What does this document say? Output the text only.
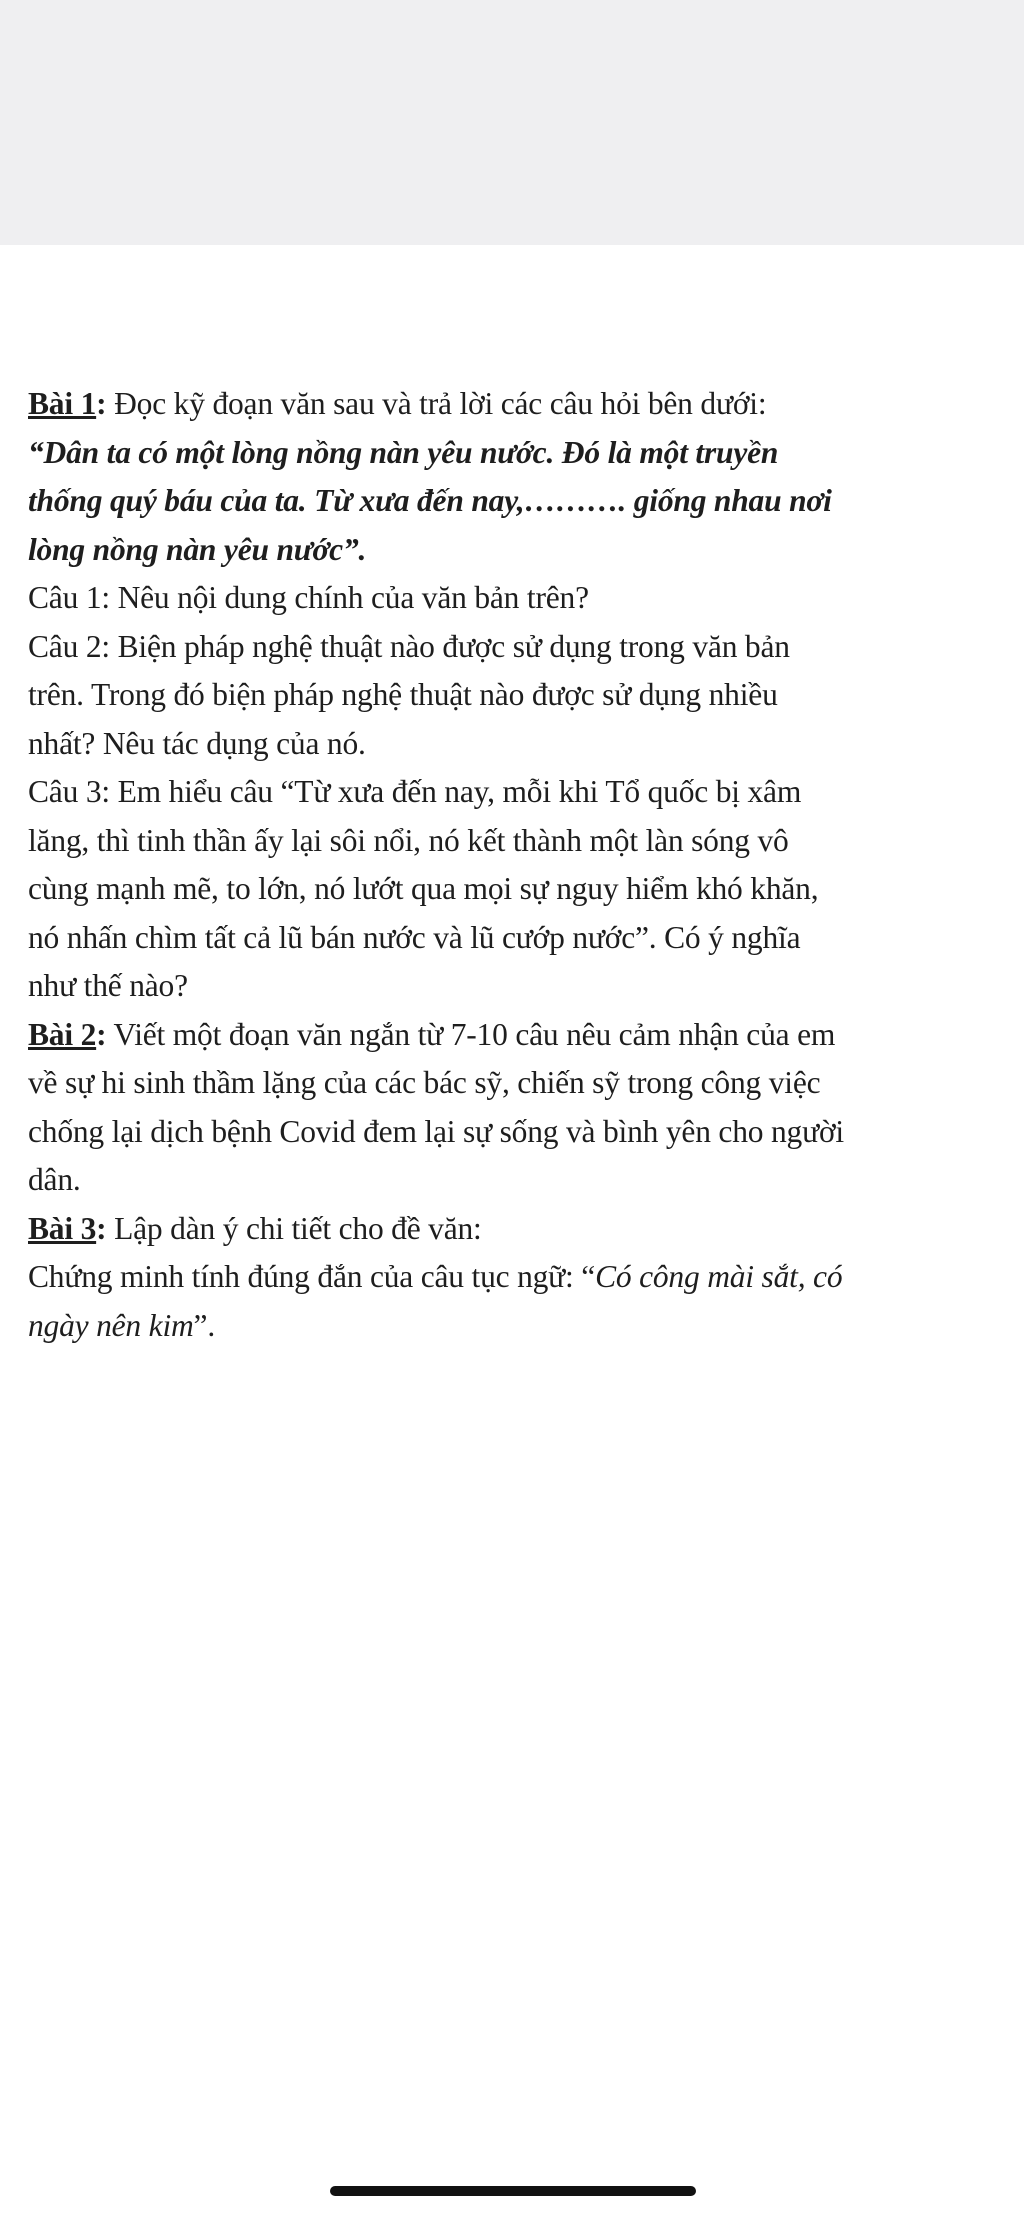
Bài 1: Đọc kỹ đoạn văn sau và trả lời các câu hỏi bên dưới:
“Dân ta có một lòng nồng nàn yêu nước. Đó là một truyền
thống quý báu của ta. Từ xưa đến nay,………. giống nhau nơi
lòng nồng nàn yêu nước”.
Câu 1: Nêu nội dung chính của văn bản trên?
Câu 2: Biện pháp nghệ thuật nào được sử dụng trong văn bản
trên. Trong đó biện pháp nghệ thuật nào được sử dụng nhiều
nhất? Nêu tác dụng của nó.
Câu 3: Em hiểu câu “Từ xưa đến nay, mỗi khi Tổ quốc bị xâm
lăng, thì tinh thần ấy lại sôi nổi, nó kết thành một làn sóng vô
cùng mạnh mẽ, to lớn, nó lướt qua mọi sự nguy hiểm khó khăn,
nó nhấn chìm tất cả lũ bán nước và lũ cướp nước”. Có ý nghĩa
như thế nào?
Bài 2: Viết một đoạn văn ngắn từ 7-10 câu nêu cảm nhận của em
về sự hi sinh thầm lặng của các bác sỹ, chiến sỹ trong công việc
chống lại dịch bệnh Covid đem lại sự sống và bình yên cho người
dân.
Bài 3: Lập dàn ý chi tiết cho đề văn:
Chứng minh tính đúng đắn của câu tục ngữ: “Có công mài sắt, có
ngày nên kim”.
